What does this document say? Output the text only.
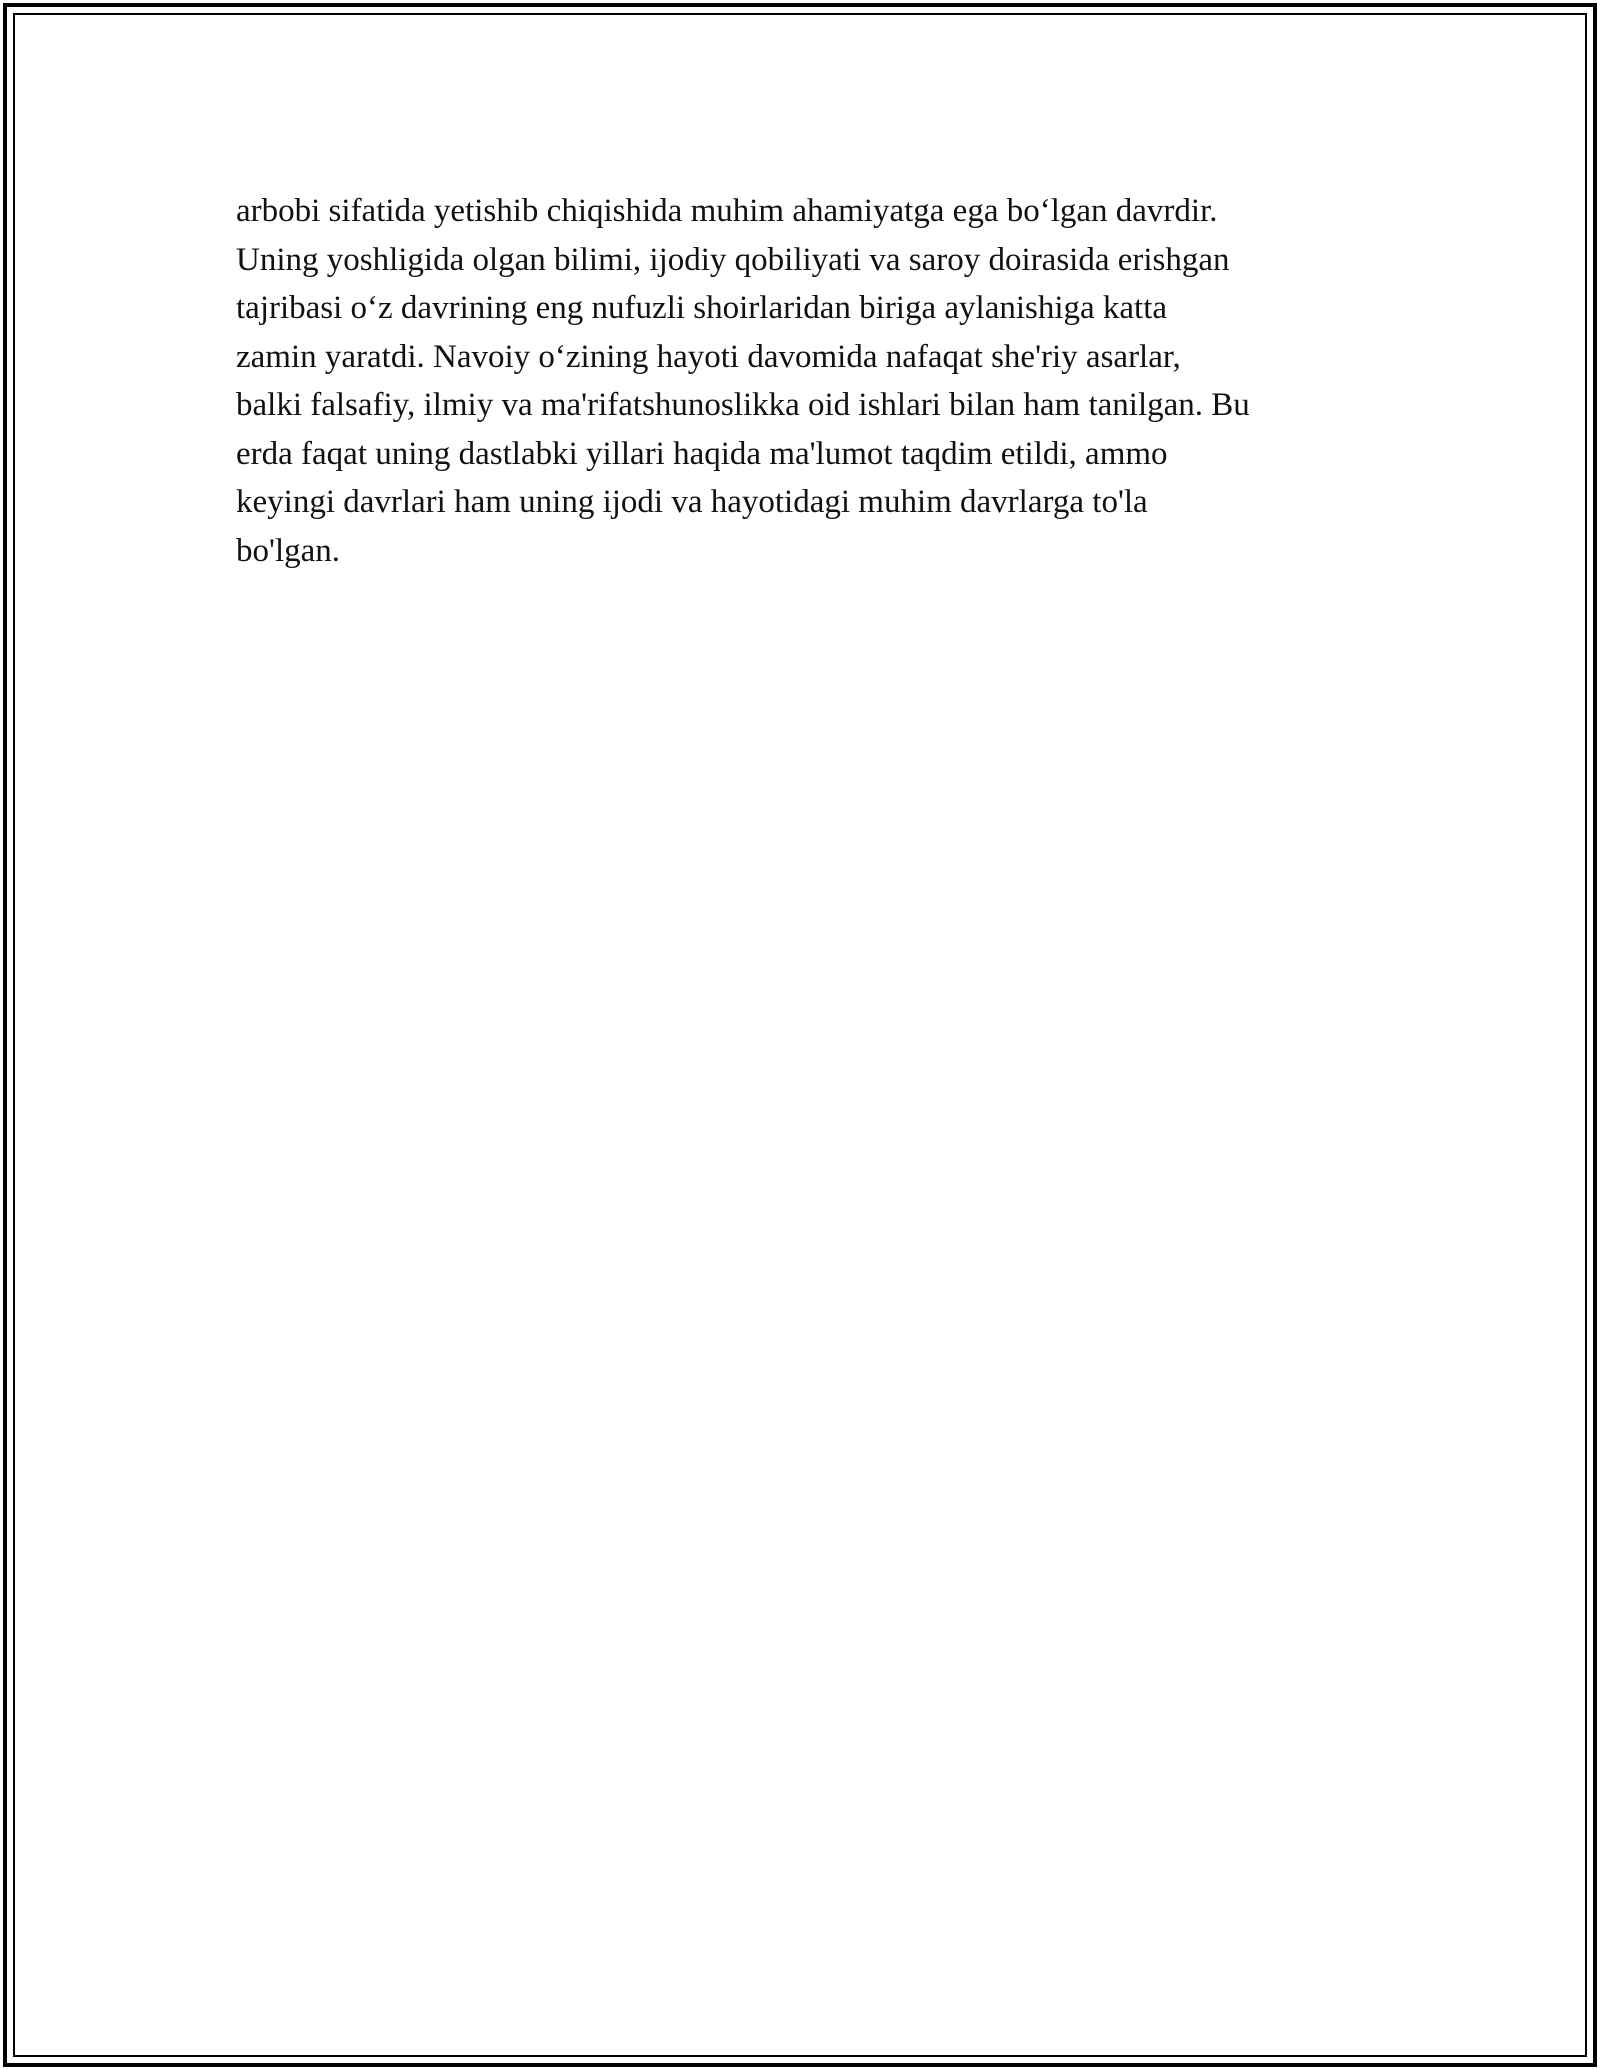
arbobi sifatida yetishib chiqishida muhim ahamiyatga ega bo‘lgan davrdir.
Uning yoshligida olgan bilimi, ijodiy qobiliyati va saroy doirasida erishgan
tajribasi o‘z davrining eng nufuzli shoirlaridan biriga aylanishiga katta
zamin yaratdi. Navoiy o‘zining hayoti davomida nafaqat she'riy asarlar,
balki falsafiy, ilmiy va ma'rifatshunoslikka oid ishlari bilan ham tanilgan. Bu
erda faqat uning dastlabki yillari haqida ma'lumot taqdim etildi, ammo
keyingi davrlari ham uning ijodi va hayotidagi muhim davrlarga to'la
bo'lgan.
